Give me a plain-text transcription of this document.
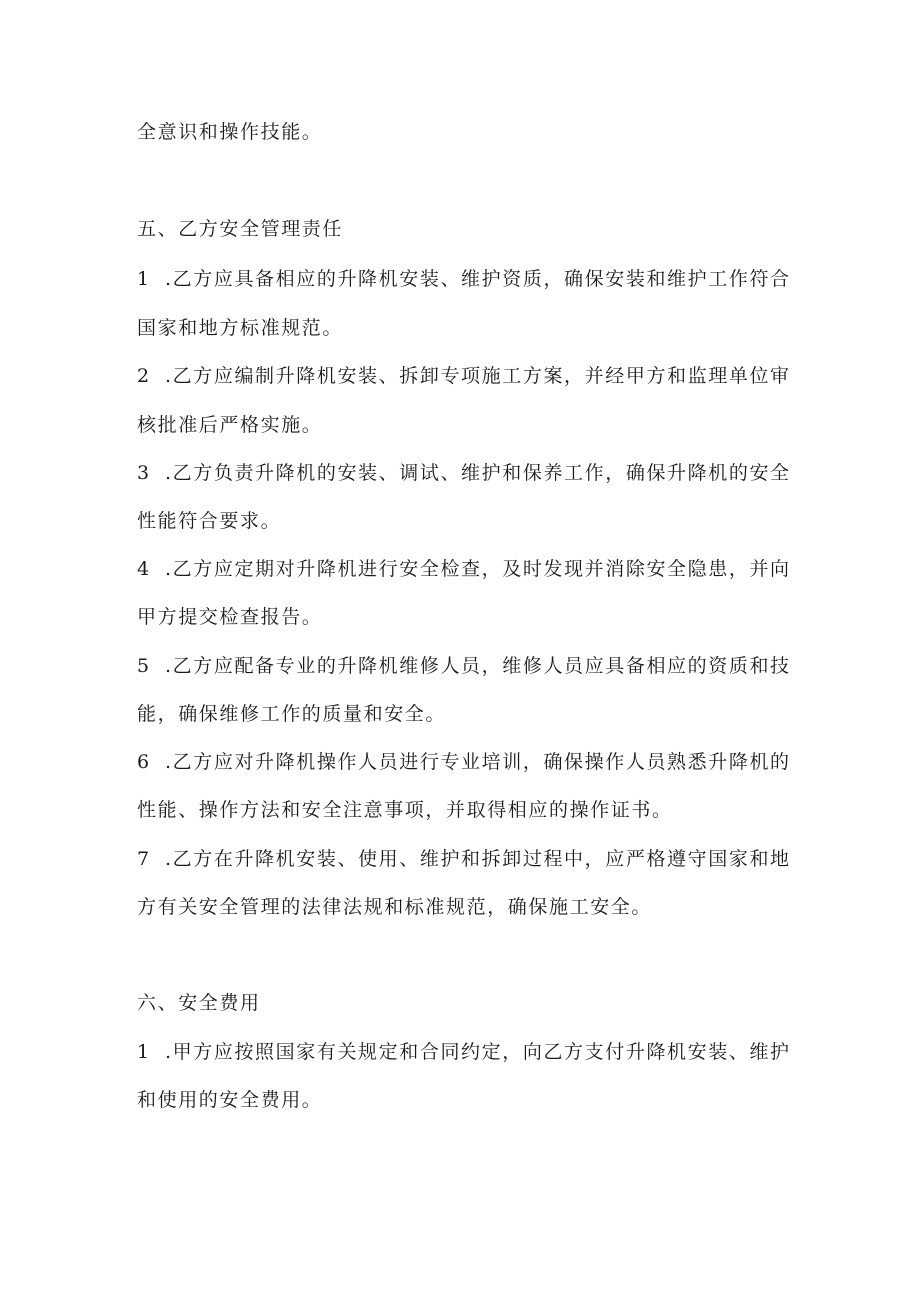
全意识和操作技能。
五、乙方安全管理责任
1 .乙方应具备相应的升降机安装、维护资质，确保安装和维护工作符合
国家和地方标准规范。
2 .乙方应编制升降机安装、拆卸专项施工方案，并经甲方和监理单位审
核批准后严格实施。
3 .乙方负责升降机的安装、调试、维护和保养工作，确保升降机的安全
性能符合要求。
4 .乙方应定期对升降机进行安全检查，及时发现并消除安全隐患，并向
甲方提交检查报告。
5 .乙方应配备专业的升降机维修人员，维修人员应具备相应的资质和技
能，确保维修工作的质量和安全。
6 .乙方应对升降机操作人员进行专业培训，确保操作人员熟悉升降机的
性能、操作方法和安全注意事项，并取得相应的操作证书。
7 .乙方在升降机安装、使用、维护和拆卸过程中，应严格遵守国家和地
方有关安全管理的法律法规和标准规范，确保施工安全。
六、安全费用
1 .甲方应按照国家有关规定和合同约定，向乙方支付升降机安装、维护
和使用的安全费用。
